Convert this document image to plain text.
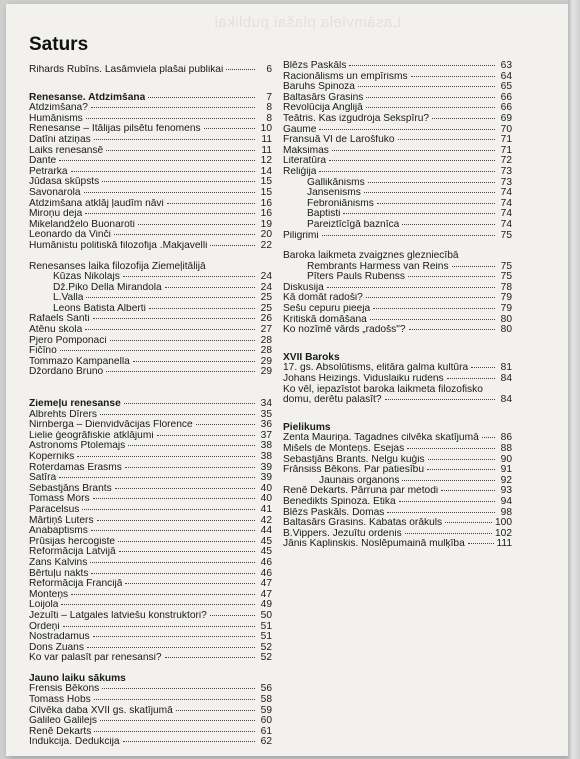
Lasāmviela plašai publikai
Saturs
Rihards Rubīns. Lasāmviela plašai publikai	6
Renesanse. Atdzimšana	7
Atdzimšana?	8
Humānisms	8
Renesanse – Itālijas pilsētu fenomens	10
Datīni atziņas	11
Laiks renesansē	11
Dante	12
Petrarka	14
Jūdasa skūpsts	15
Savonarola	15
Atdzimšana atklāj ļaudīm nāvi	16
Miroņu deja	16
Mikelandželo Buonaroti	19
Leonardo da Vinči	20
Humānistu politiskā filozofija .Makjavelli	22
Renesanses laika filozofija Ziemeļitālijā
Kūzas Nikolajs	24
Dž.Piko Della Mirandola	24
L.Valla	25
Leons Batista Alberti	25
Rafaels Santi	26
Atēnu skola	27
Pjero Pomponaci	28
Fičīno	28
Tommazo Kampanella	29
Džordano Bruno	29
Ziemeļu renesanse	34
Albrehts Dīrers	35
Nirnberga – Dienvidvācijas Florence	36
Lielie ģeogrāfiskie atklājumi	37
Astronoms Ptolemajs	38
Koperniks	38
Roterdamas Erasms	39
Satīra	39
Sebastjāns Brants	40
Tomass Mors	40
Paracelsus	41
Mārtiņš Luters	42
Anabaptisms	44
Prūsijas hercogiste	45
Reformācija Latvijā	45
Žans Kalvins	46
Bērtuļu nakts	46
Reformācija Francijā	47
Monteņs	47
Loijola	49
Jezuīti – Latgales latviešu konstruktori?	50
Ordeņi	51
Nostradamus	51
Dons Žuans	52
Ko var palasīt par renesansi?	52
Jauno laiku sākums
Frensis Bēkons	56
Tomass Hobs	58
Cilvēka daba XVII gs. skatījumā	59
Galileo Galilejs	60
Renē Dekarts	61
Indukcija. Dedukcija	62
Blēzs Paskāls	63
Racionālisms un empīrisms	64
Baruhs Spinoza	65
Baltasārs Grasins	66
Revolūcija Anglijā	66
Teātris. Kas izgudroja Šekspīru?	69
Gaume	70
Fransuā VI de Larošfuko	71
Maksimas	71
Literatūra	72
Reliģija	73
Gallikānisms	73
Jansenisms	74
Febroniānisms	74
Baptisti	74
Pareiztīcīgā baznīca	74
Piligrimi	75
Baroka laikmeta zvaigznes glezniecībā
Rembrants Harmess van Reins	75
Pīters Pauls Rubenss	75
Diskusija	78
Kā domāt radoši?	79
Sešu cepuru pieeja	79
Kritiskā domāšana	80
Ko nozīmē vārds „radošs"?	80
XVII Baroks
17. gs. Absolūtisms, elitāra galma kultūra	81
Johans Heizings. Viduslaiku rudens	84
Ko vēl, iepazīstot baroka laikmeta filozofisko
domu, derētu palasīt?	84
Pielikums
Zenta Mauriņa. Tagadnes cilvēka skatījumā 86
Mišels de Monteņs. Esejas	88
Sebastjāns Brants. Nelgu kuģis	90
Frānsiss Bēkons. Par patiesību	91
Jaunais organons	92
Renē Dekarts. Pārruna par metodi	93
Benedikts Spinoza. Ētika	94
Blēzs Paskāls. Domas	98
Baltasārs Grasins. Kabatas orākuls	100
B.Vippers. Jezuītu ordenis	102
Jānis Kaplinskis. Noslēpumainā mulķība	111
